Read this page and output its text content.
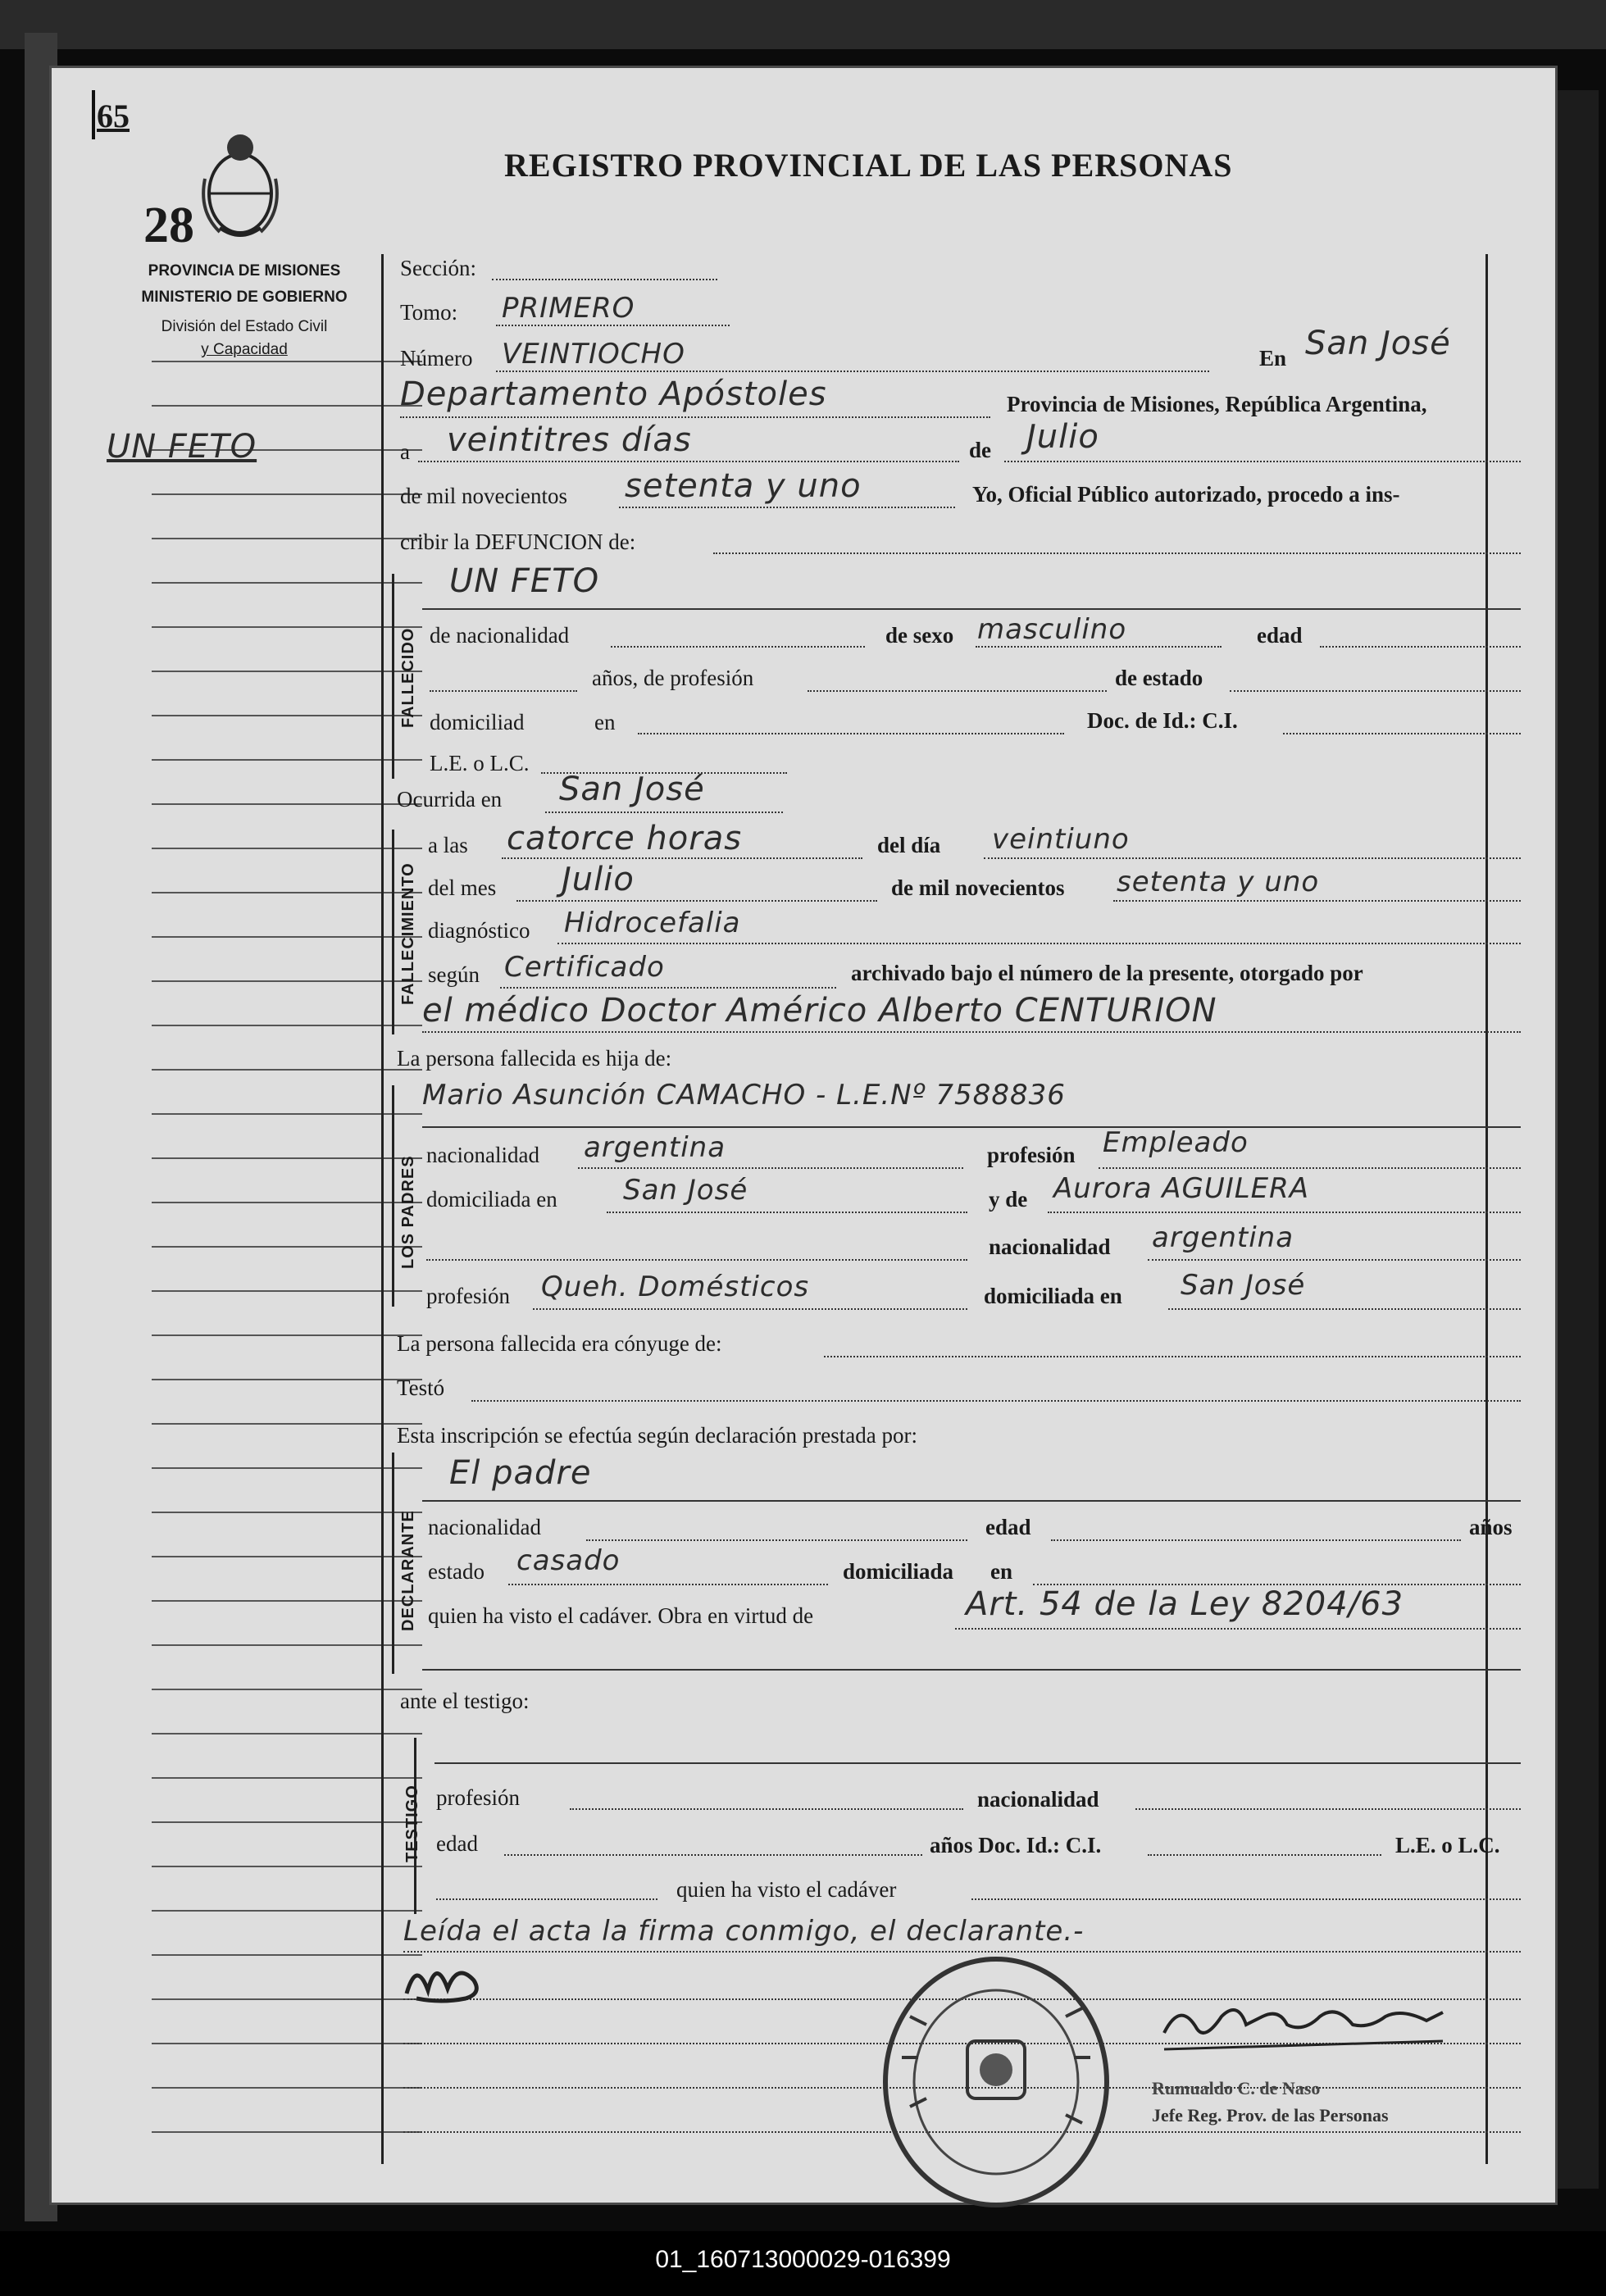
65
28
PROVINCIA DE MISIONES
MINISTERIO DE GOBIERNO
División del Estado Civil
y Capacidad
REGISTRO PROVINCIAL DE LAS PERSONAS
UN FETO
Sección:
Tomo: PRIMERO
Número VEINTIOCHO	En San José
Departamento Apóstoles	Provincia de Misiones, República Argentina,
a veintitres días	de Julio
de mil novecientos setenta y uno	Yo, Oficial Público autorizado, procedo a ins-
cribir la DEFUNCION de:
FALLECIDO
UN FETO
de nacionalidad	de sexo masculino	edad
años, de profesión	de estado
domiciliad	en	Doc. de Id.: C.I.
L.E. o L.C.
Ocurrida en San José
FALLECIMIENTO
a las catorce horas	del día veintiuno
del mes Julio	de mil novecientos setenta y uno
diagnóstico Hidrocefalia
según Certificado	archivado bajo el número de la presente, otorgado por
el médico Doctor Américo Alberto CENTURION
La persona fallecida es hija de:
LOS PADRES
Mario Asunción CAMACHO - L.E.Nº 7588836
nacionalidad argentina	profesión Empleado
domiciliada en San José	y de Aurora AGUILERA
nacionalidad argentina
profesión Queh. Domésticos	domiciliada en San José
La persona fallecida era cónyuge de:
Testó
Esta inscripción se efectúa según declaración prestada por:
DECLARANTE
El padre
nacionalidad	edad	años
estado casado	domiciliada en
quien ha visto el cadáver. Obra en virtud de	Art. 54 de la Ley 8204/63
ante el testigo:
TESTIGO profesión	nacionalidad
edad	años Doc. Id.: C.I.	L.E. o L.C.
quien ha visto el cadáver
Leída el acta la firma conmigo, el declarante.-
Rumualdo C. de Naso
Jefe Reg. Prov. de las Personas
01_160713000029-016399
